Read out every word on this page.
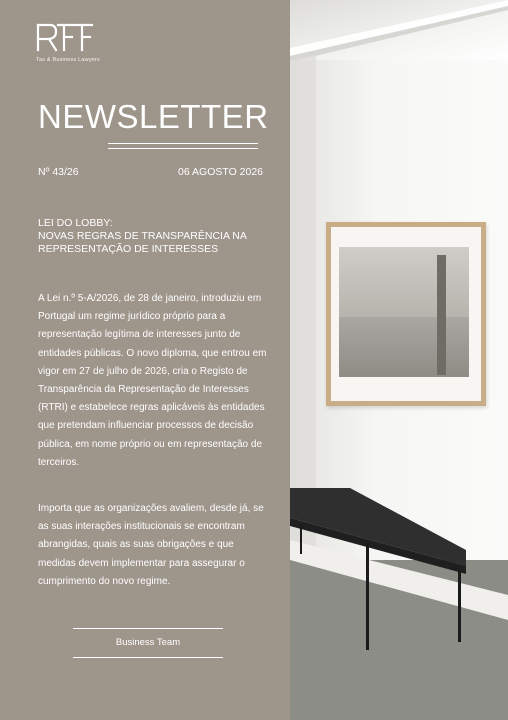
Tax & Business Lawyers
NEWSLETTER
Nº 43/26	06 AGOSTO 2026
LEI DO LOBBY:
NOVAS REGRAS DE TRANSPARÊNCIA NA
REPRESENTAÇÃO DE INTERESSES
A Lei n.º 5-A/2026, de 28 de janeiro, introduziu em Portugal um regime jurídico próprio para a representação legítima de interesses junto de entidades públicas. O novo diploma, que entrou em vigor em 27 de julho de 2026, cria o Registo de Transparência da Representação de Interesses (RTRI) e estabelece regras aplicáveis às entidades que pretendam influenciar processos de decisão pública, em nome próprio ou em representação de terceiros.
Importa que as organizações avaliem, desde já, se as suas interações institucionais se encontram abrangidas, quais as suas obrigações e que medidas devem implementar para assegurar o cumprimento do novo regime.
Business Team
